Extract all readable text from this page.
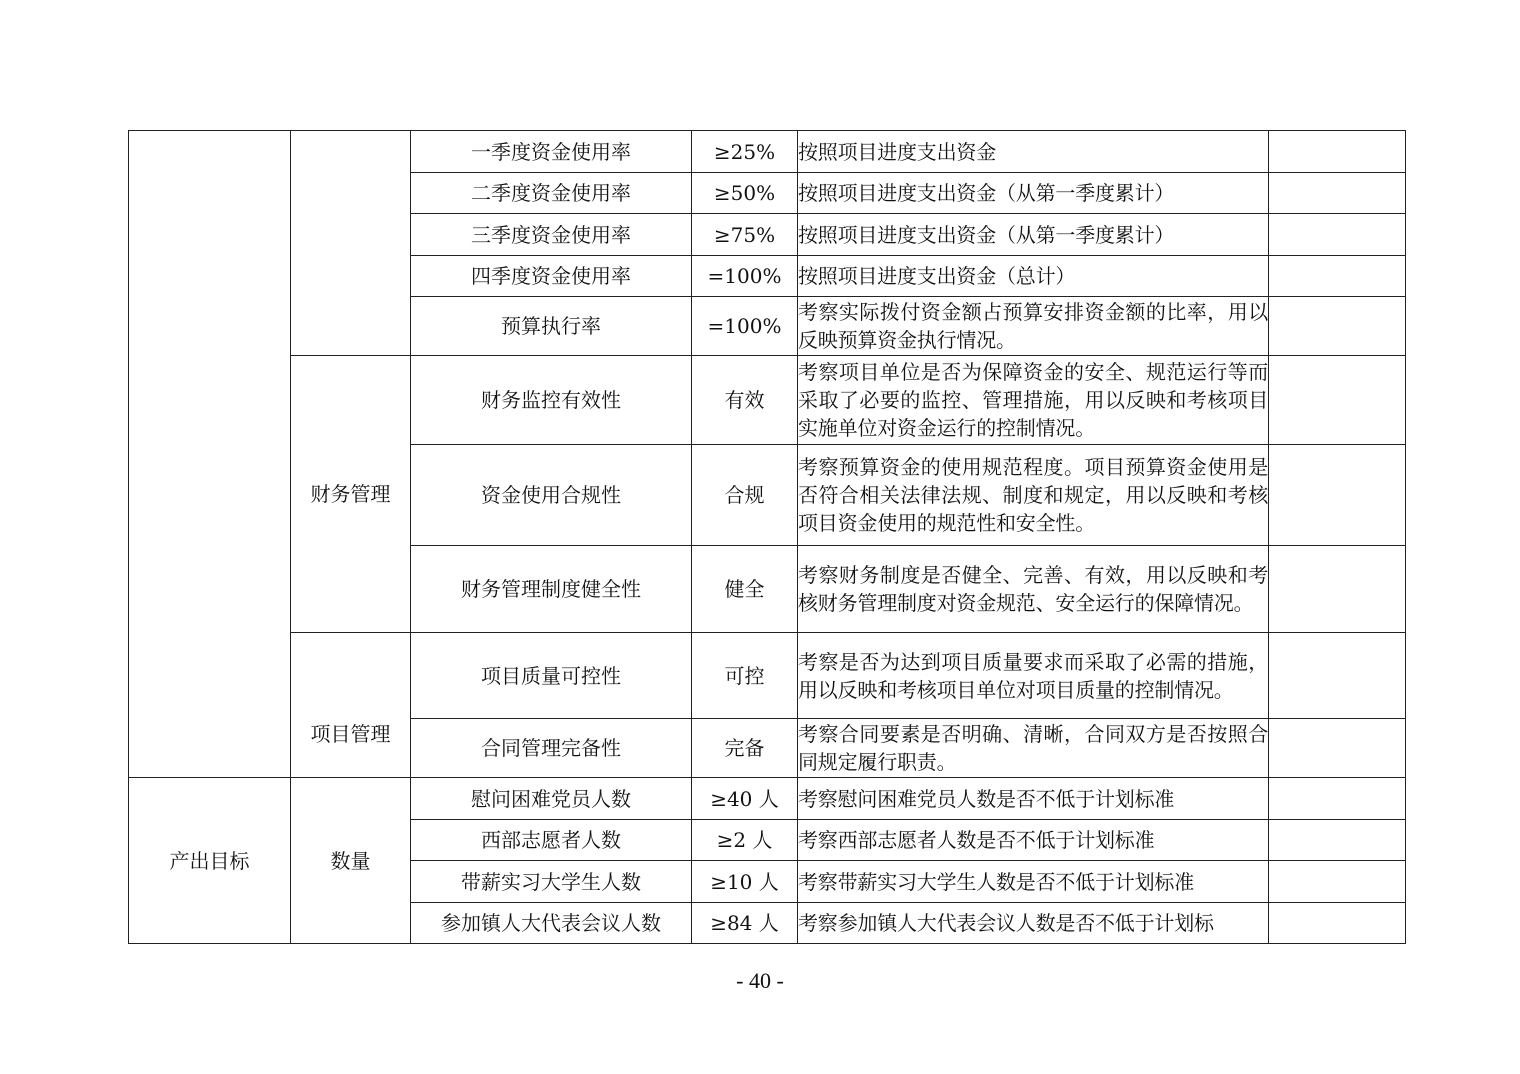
		一季度资金使用率	≥25%	按照项目进度支出资金	
		二季度资金使用率	≥50%	按照项目进度支出资金（从第一季度累计）	
		三季度资金使用率	≥75%	按照项目进度支出资金（从第一季度累计）	
		四季度资金使用率	=100%	按照项目进度支出资金（总计）	
		预算执行率	=100%	考察实际拨付资金额占预算安排资金额的比率，用以反映预算资金执行情况。	
	财务管理	财务监控有效性	有效	考察项目单位是否为保障资金的安全、规范运行等而采取了必要的监控、管理措施，用以反映和考核项目实施单位对资金运行的控制情况。	
		资金使用合规性	合规	考察预算资金的使用规范程度。项目预算资金使用是否符合相关法律法规、制度和规定，用以反映和考核项目资金使用的规范性和安全性。	
		财务管理制度健全性	健全	考察财务制度是否健全、完善、有效，用以反映和考核财务管理制度对资金规范、安全运行的保障情况。	
	项目管理	项目质量可控性	可控	考察是否为达到项目质量要求而采取了必需的措施，用以反映和考核项目单位对项目质量的控制情况。	
		合同管理完备性	完备	考察合同要素是否明确、清晰，合同双方是否按照合同规定履行职责。	
产出目标	数量	慰问困难党员人数	≥40 人	考察慰问困难党员人数是否不低于计划标准	
		西部志愿者人数	≥2 人	考察西部志愿者人数是否不低于计划标准	
		带薪实习大学生人数	≥10 人	考察带薪实习大学生人数是否不低于计划标准	
		参加镇人大代表会议人数	≥84 人	考察参加镇人大代表会议人数是否不低于计划标	
- 40 -
